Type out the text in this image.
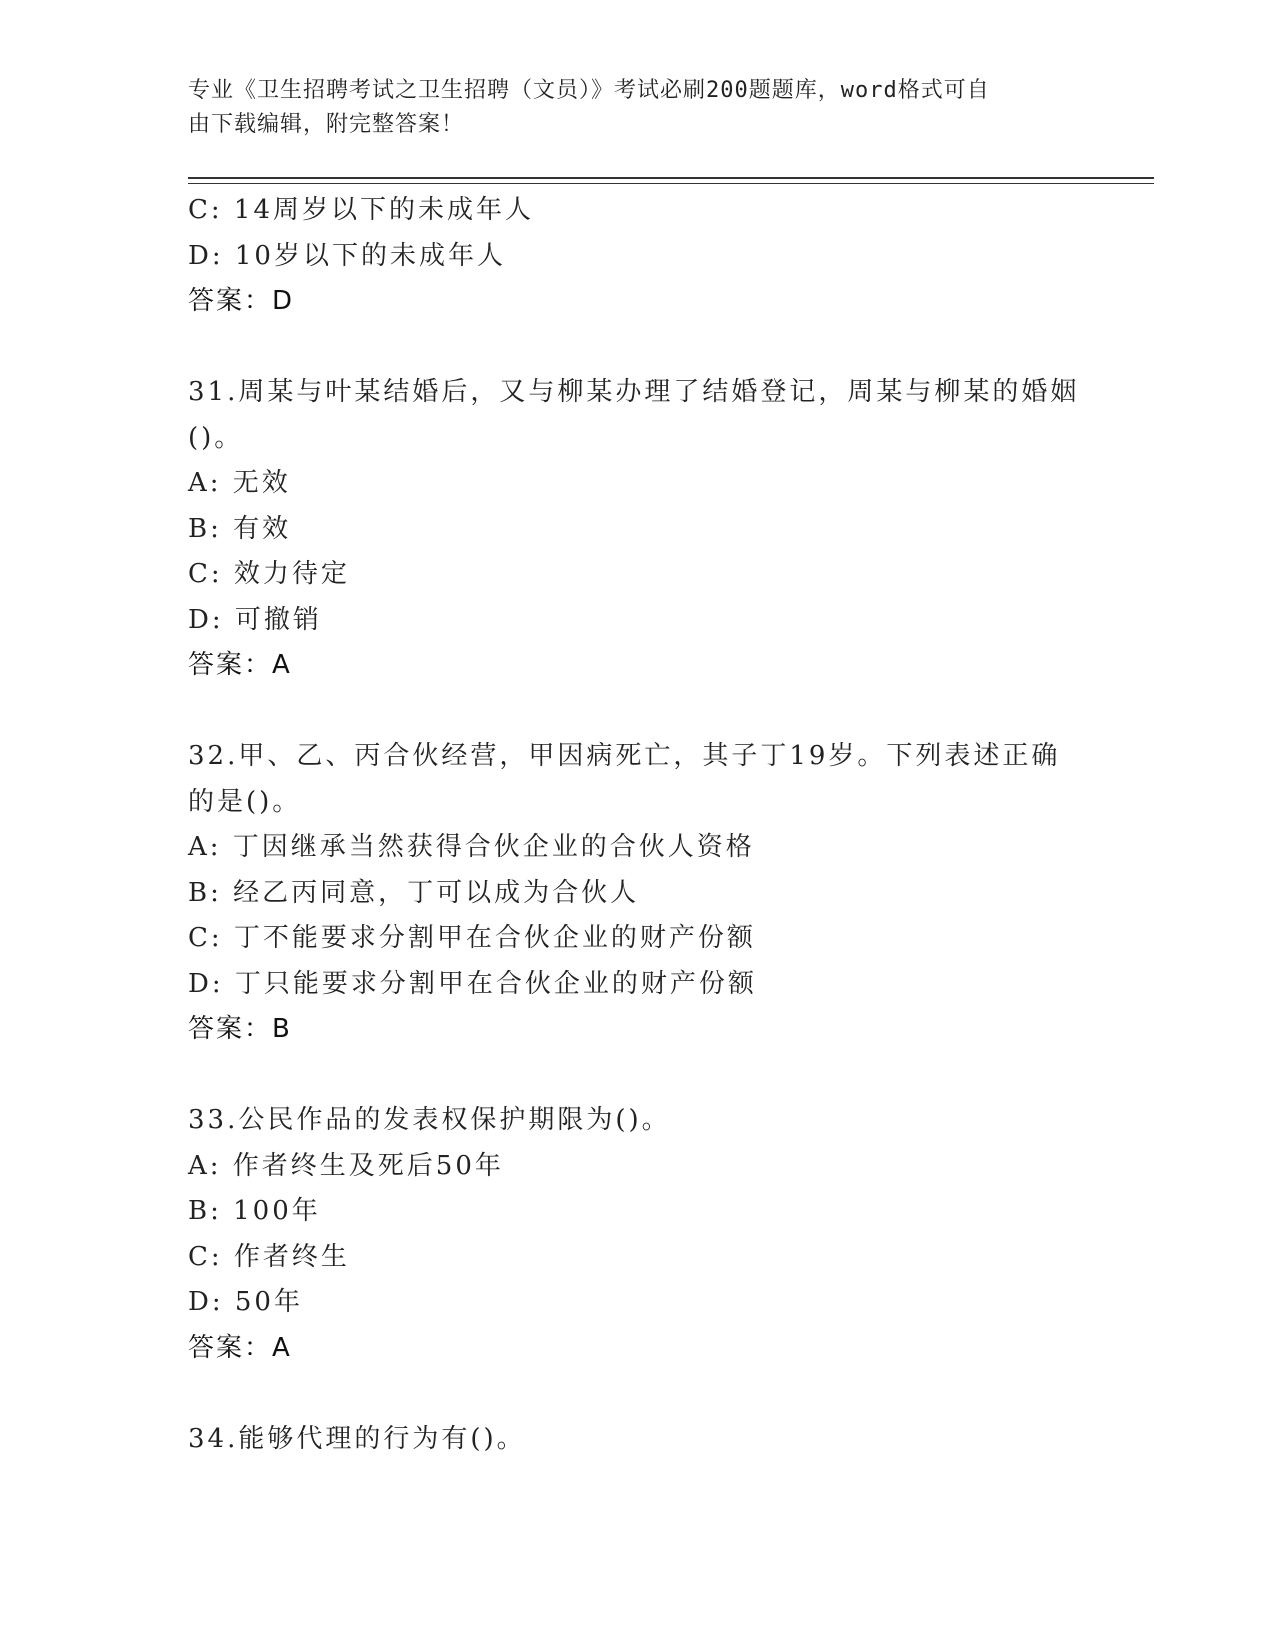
专业《卫生招聘考试之卫生招聘（文员）》考试必刷200题题库，word格式可自
由下载编辑，附完整答案！
C: 14周岁以下的未成年人
D: 10岁以下的未成年人
答案：D
31.周某与叶某结婚后，又与柳某办理了结婚登记，周某与柳某的婚姻
()。
A: 无效
B: 有效
C: 效力待定
D: 可撤销
答案：A
32.甲、乙、丙合伙经营，甲因病死亡，其子丁19岁。下列表述正确
的是()。
A: 丁因继承当然获得合伙企业的合伙人资格
B: 经乙丙同意，丁可以成为合伙人
C: 丁不能要求分割甲在合伙企业的财产份额
D: 丁只能要求分割甲在合伙企业的财产份额
答案：B
33.公民作品的发表权保护期限为()。
A: 作者终生及死后50年
B: 100年
C: 作者终生
D: 50年
答案：A
34.能够代理的行为有()。
